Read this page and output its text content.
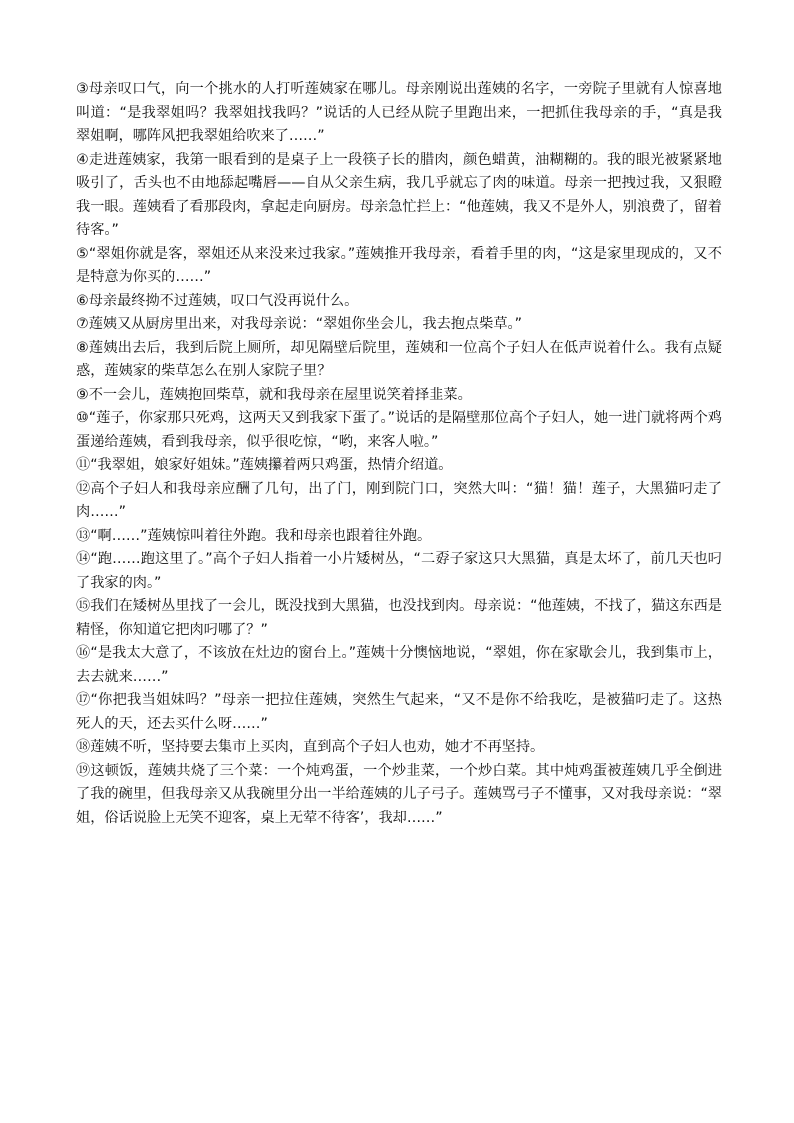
③母亲叹口气，向一个挑水的人打听莲姨家在哪儿。母亲刚说出莲姨的名字，一旁院子里就有人惊喜地叫道：“是我翠姐吗？我翠姐找我吗？”说话的人已经从院子里跑出来，一把抓住我母亲的手，“真是我翠姐啊，哪阵风把我翠姐给吹来了……”

④走进莲姨家，我第一眼看到的是桌子上一段筷子长的腊肉，颜色蜡黄，油糊糊的。我的眼光被紧紧地吸引了，舌头也不由地舔起嘴唇——自从父亲生病，我几乎就忘了肉的味道。母亲一把拽过我，又狠瞪我一眼。莲姨看了看那段肉，拿起走向厨房。母亲急忙拦上：“他莲姨，我又不是外人，别浪费了，留着待客。”

⑤“翠姐你就是客，翠姐还从来没来过我家。”莲姨推开我母亲，看着手里的肉，“这是家里现成的，又不是特意为你买的……”

⑥母亲最终拗不过莲姨，叹口气没再说什么。

⑦莲姨又从厨房里出来，对我母亲说：“翠姐你坐会儿，我去抱点柴草。”

⑧莲姨出去后，我到后院上厕所，却见隔壁后院里，莲姨和一位高个子妇人在低声说着什么。我有点疑惑，莲姨家的柴草怎么在别人家院子里？

⑨不一会儿，莲姨抱回柴草，就和我母亲在屋里说笑着择韭菜。

⑩“莲子，你家那只死鸡，这两天又到我家下蛋了。”说话的是隔壁那位高个子妇人，她一进门就将两个鸡蛋递给莲姨，看到我母亲，似乎很吃惊，“哟，来客人啦。”

⑪“我翠姐，娘家好姐妹。”莲姨攥着两只鸡蛋，热情介绍道。

⑫高个子妇人和我母亲应酬了几句，出了门，刚到院门口，突然大叫：“猫！猫！莲子，大黑猫叼走了肉……”

⑬“啊……”莲姨惊叫着往外跑。我和母亲也跟着往外跑。

⑭“跑……跑这里了。”高个子妇人指着一小片矮树丛，“二孬子家这只大黑猫，真是太坏了，前几天也叼了我家的肉。”

⑮我们在矮树丛里找了一会儿，既没找到大黑猫，也没找到肉。母亲说：“他莲姨，不找了，猫这东西是精怪，你知道它把肉叼哪了？”

⑯“是我太大意了，不该放在灶边的窗台上。”莲姨十分懊恼地说，“翠姐，你在家歇会儿，我到集市上，去去就来……”

⑰“你把我当姐妹吗？”母亲一把拉住莲姨，突然生气起来，“又不是你不给我吃，是被猫叼走了。这热死人的天，还去买什么呀……”

⑱莲姨不听，坚持要去集市上买肉，直到高个子妇人也劝，她才不再坚持。

⑲这顿饭，莲姨共烧了三个菜：一个炖鸡蛋，一个炒韭菜，一个炒白菜。其中炖鸡蛋被莲姨几乎全倒进了我的碗里，但我母亲又从我碗里分出一半给莲姨的儿子弓子。莲姨骂弓子不懂事，又对我母亲说：“翠姐，俗话说脸上无笑不迎客，桌上无荤不待客’，我却……”
